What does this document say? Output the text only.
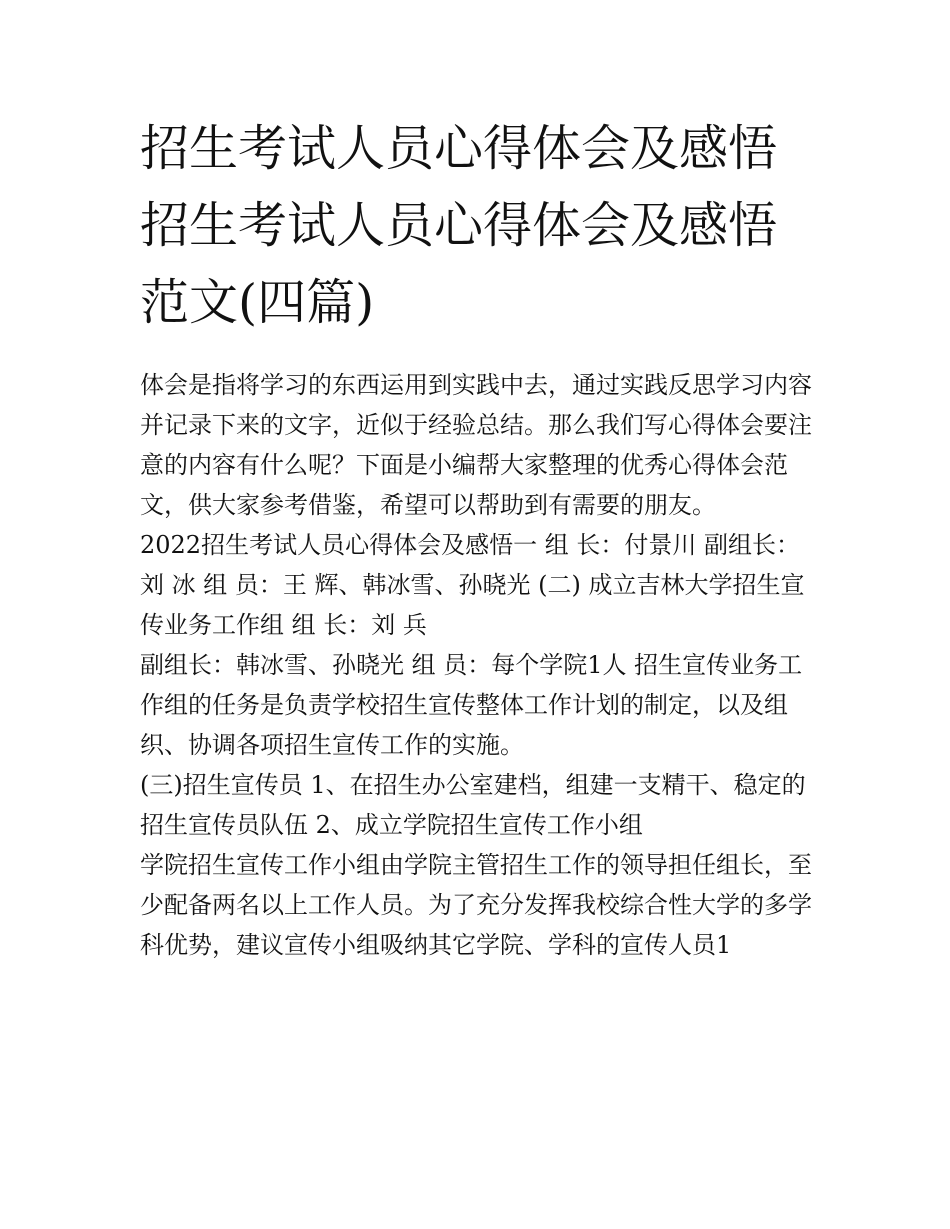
招生考试人员心得体会及感悟招生考试人员心得体会及感悟范文(四篇)

体会是指将学习的东西运用到实践中去，通过实践反思学习内容并记录下来的文字，近似于经验总结。那么我们写心得体会要注意的内容有什么呢？下面是小编帮大家整理的优秀心得体会范文，供大家参考借鉴，希望可以帮助到有需要的朋友。

2022招生考试人员心得体会及感悟一 组 长：付景川 副组长：刘 冰 组 员：王 辉、韩冰雪、孙晓光 (二) 成立吉林大学招生宣传业务工作组 组 长：刘 兵

副组长：韩冰雪、孙晓光 组 员：每个学院1人 招生宣传业务工作组的任务是负责学校招生宣传整体工作计划的制定，以及组织、协调各项招生宣传工作的实施。

(三)招生宣传员 1、在招生办公室建档，组建一支精干、稳定的招生宣传员队伍 2、成立学院招生宣传工作小组

学院招生宣传工作小组由学院主管招生工作的领导担任组长，至少配备两名以上工作人员。为了充分发挥我校综合性大学的多学科优势，建议宣传小组吸纳其它学院、学科的宣传人员1
